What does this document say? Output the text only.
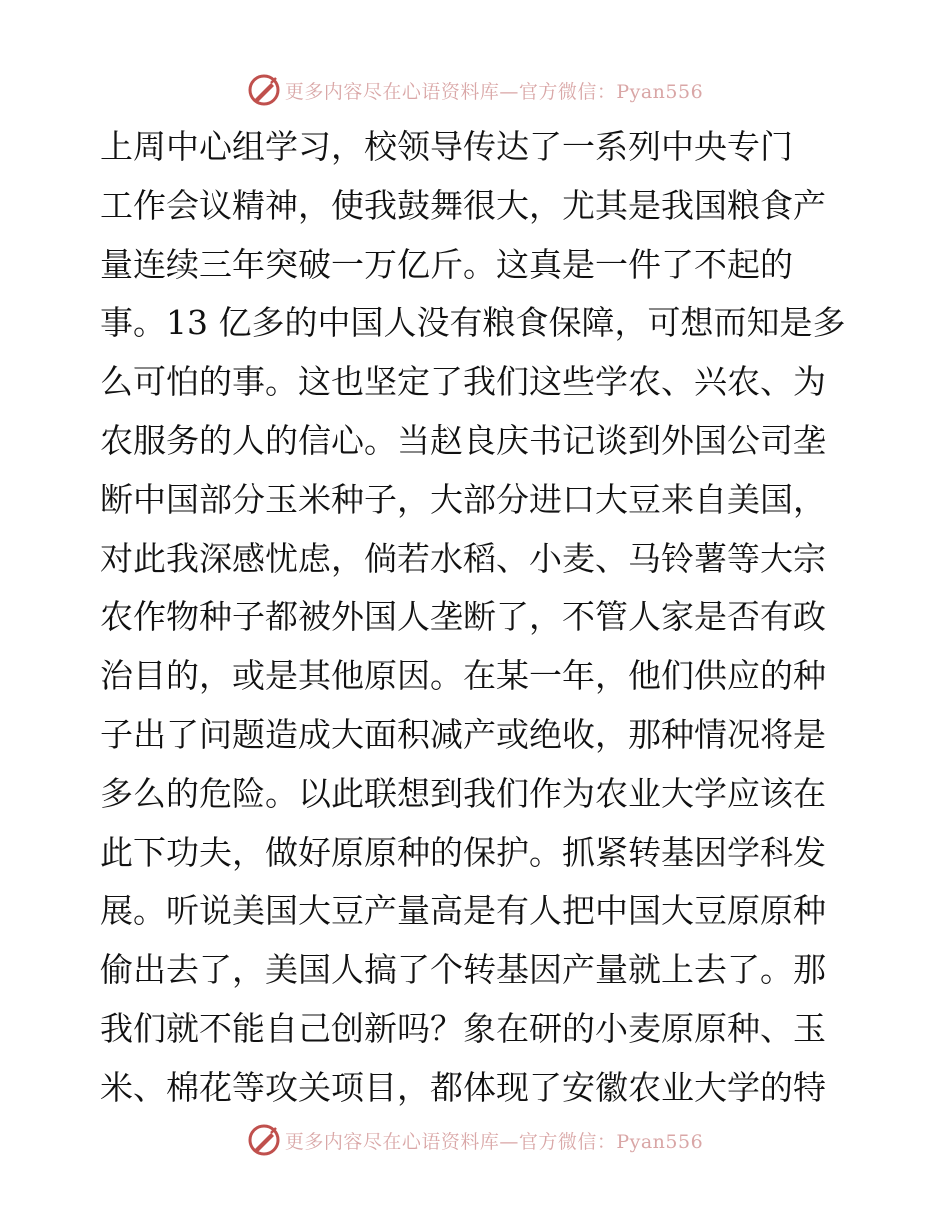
更多内容尽在心语资料库—官方微信：Pyan556
上周中心组学习，校领导传达了一系列中央专门
工作会议精神，使我鼓舞很大，尤其是我国粮食产
量连续三年突破一万亿斤。这真是一件了不起的
事。13 亿多的中国人没有粮食保障，可想而知是多
么可怕的事。这也坚定了我们这些学农、兴农、为
农服务的人的信心。当赵良庆书记谈到外国公司垄
断中国部分玉米种子，大部分进口大豆来自美国，
对此我深感忧虑，倘若水稻、小麦、马铃薯等大宗
农作物种子都被外国人垄断了，不管人家是否有政
治目的，或是其他原因。在某一年，他们供应的种
子出了问题造成大面积减产或绝收，那种情况将是
多么的危险。以此联想到我们作为农业大学应该在
此下功夫，做好原原种的保护。抓紧转基因学科发
展。听说美国大豆产量高是有人把中国大豆原原种
偷出去了，美国人搞了个转基因产量就上去了。那
我们就不能自己创新吗？象在研的小麦原原种、玉
米、棉花等攻关项目，都体现了安徽农业大学的特
更多内容尽在心语资料库—官方微信：Pyan556
